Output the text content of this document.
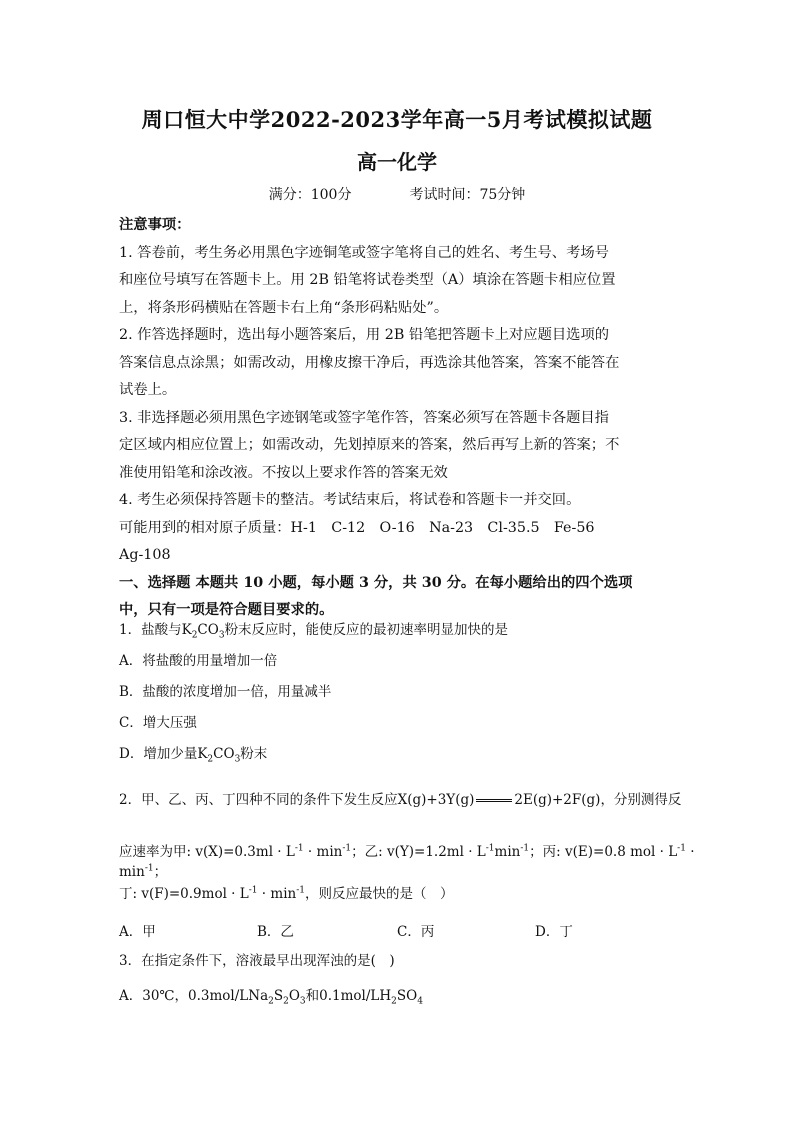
周口恒大中学2022-2023学年高一5月考试模拟试题
高一化学
满分：100分	考试时间：75分钟

注意事项：

1. 答卷前，考生务必用黑色字迹铜笔或签字笔将自己的姓名、考生号、考场号

和座位号填写在答题卡上。用 2B 铅笔将试卷类型（A）填涂在答题卡相应位置

上，将条形码横贴在答题卡右上角“条形码粘贴处”。

2. 作答选择题时，选出每小题答案后，用 2B 铅笔把答题卡上对应题目选项的

答案信息点涂黑；如需改动，用橡皮擦干净后，再选涂其他答案，答案不能答在

试卷上。

3. 非选择题必须用黑色字迹钢笔或签字笔作答，答案必须写在答题卡各题目指

定区域内相应位置上；如需改动，先划掉原来的答案，然后再写上新的答案；不

准使用铅笔和涂改液。不按以上要求作答的答案无效

4. 考生必须保持答题卡的整洁。考试结束后，将试卷和答题卡一并交回。

可能用到的相对原子质量：H-1　C-12　O-16　Na-23　Cl-35.5　Fe-56

Ag-108

一、选择题 本题共 10 小题，每小题 3 分，共 30 分。在每小题给出的四个选项

中，只有一项是符合题目要求的。

1．盐酸与$K_2CO_3$粉末反应时，能使反应的最初速率明显加快的是
A．将盐酸的用量增加一倍
B．盐酸的浓度增加一倍，用量减半
C．增大压强
D．增加少量$K_2CO_3$粉末
2．甲、乙、丙、丁四种不同的条件下发生反应X(g)+3Y(g)	2E(g)+2F(g)，分别测得反
应速率为甲: $v(X)=0.3ml \cdot L^{-1} \cdot \min^{-1}$；乙: $v(Y)=1.2ml \cdot L^{-1}\min^{-1}$；丙: v(E)=0.8 mol · $L^{-1} \cdot \min^{-1}$；
丁: $v(F)=0.9mol \cdot L^{-1} \cdot \min^{-1}$，则反应最快的是（　）
A．甲	B．乙	C．丙	D．丁
3．在指定条件下，溶液最早出现浑浊的是(　)
A．30℃，$0.3mol/LNa_2S_2O_3$和$0.1mol/LH_2SO_4$
